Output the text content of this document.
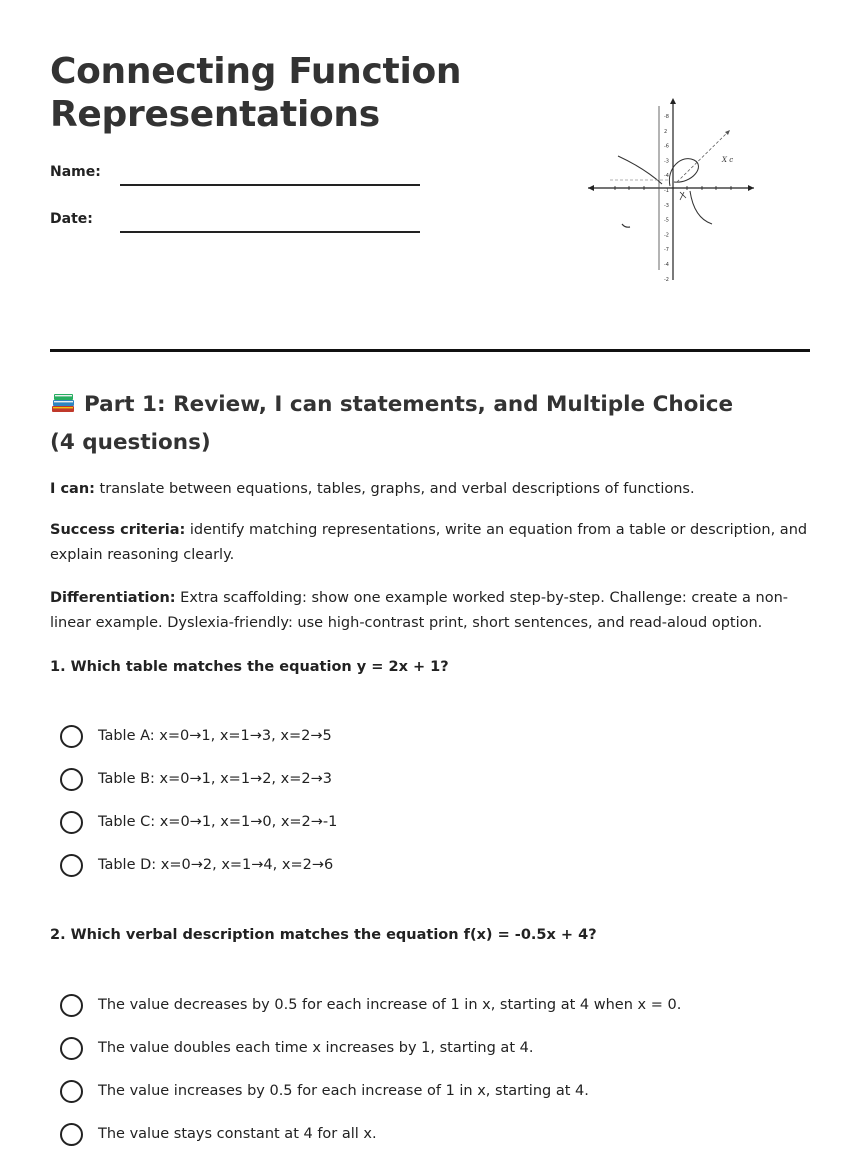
Connecting Function Representations
Name:
Date:
-8
2
-6
-3
-4
-1
-3
-5
-2
-7
-4
-2
X c
Part 1: Review, I can statements, and Multiple Choice (4 questions)

I can: translate between equations, tables, graphs, and verbal descriptions of functions.

Success criteria: identify matching representations, write an equation from a table or description, and explain reasoning clearly.

Differentiation: Extra scaffolding: show one example worked step-by-step. Challenge: create a non-linear example. Dyslexia-friendly: use high-contrast print, short sentences, and read-aloud option.

1. Which table matches the equation y = 2x + 1?
Table A: x=0→1, x=1→3, x=2→5
Table B: x=0→1, x=1→2, x=2→3
Table C: x=0→1, x=1→0, x=2→-1
Table D: x=0→2, x=1→4, x=2→6
2. Which verbal description matches the equation f(x) = -0.5x + 4?
The value decreases by 0.5 for each increase of 1 in x, starting at 4 when x = 0.
The value doubles each time x increases by 1, starting at 4.
The value increases by 0.5 for each increase of 1 in x, starting at 4.
The value stays constant at 4 for all x.
